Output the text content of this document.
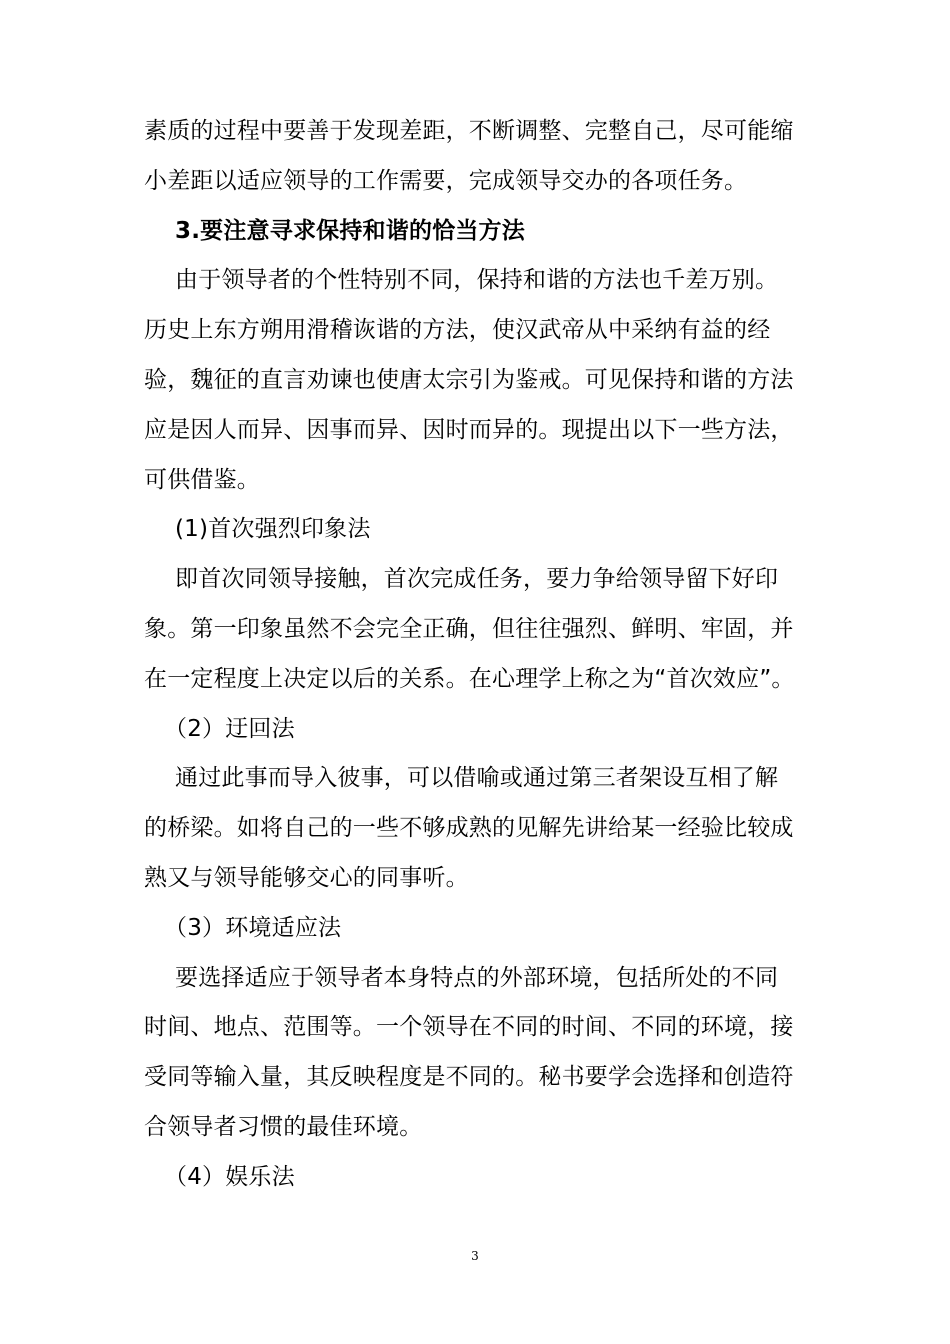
素质的过程中要善于发现差距，不断调整、完整自己，尽可能缩
小差距以适应领导的工作需要，完成领导交办的各项任务。
3.要注意寻求保持和谐的恰当方法
由于领导者的个性特别不同，保持和谐的方法也千差万别。
历史上东方朔用滑稽诙谐的方法，使汉武帝从中采纳有益的经
验，魏征的直言劝谏也使唐太宗引为鉴戒。可见保持和谐的方法
应是因人而异、因事而异、因时而异的。现提出以下一些方法，
可供借鉴。
(1)首次强烈印象法
即首次同领导接触，首次完成任务，要力争给领导留下好印
象。第一印象虽然不会完全正确，但往往强烈、鲜明、牢固，并
在一定程度上决定以后的关系。在心理学上称之为“首次效应”。
（2）迂回法
通过此事而导入彼事，可以借喻或通过第三者架设互相了解
的桥梁。如将自己的一些不够成熟的见解先讲给某一经验比较成
熟又与领导能够交心的同事听。
（3）环境适应法
要选择适应于领导者本身特点的外部环境，包括所处的不同
时间、地点、范围等。一个领导在不同的时间、不同的环境，接
受同等输入量，其反映程度是不同的。秘书要学会选择和创造符
合领导者习惯的最佳环境。
（4）娱乐法
3
